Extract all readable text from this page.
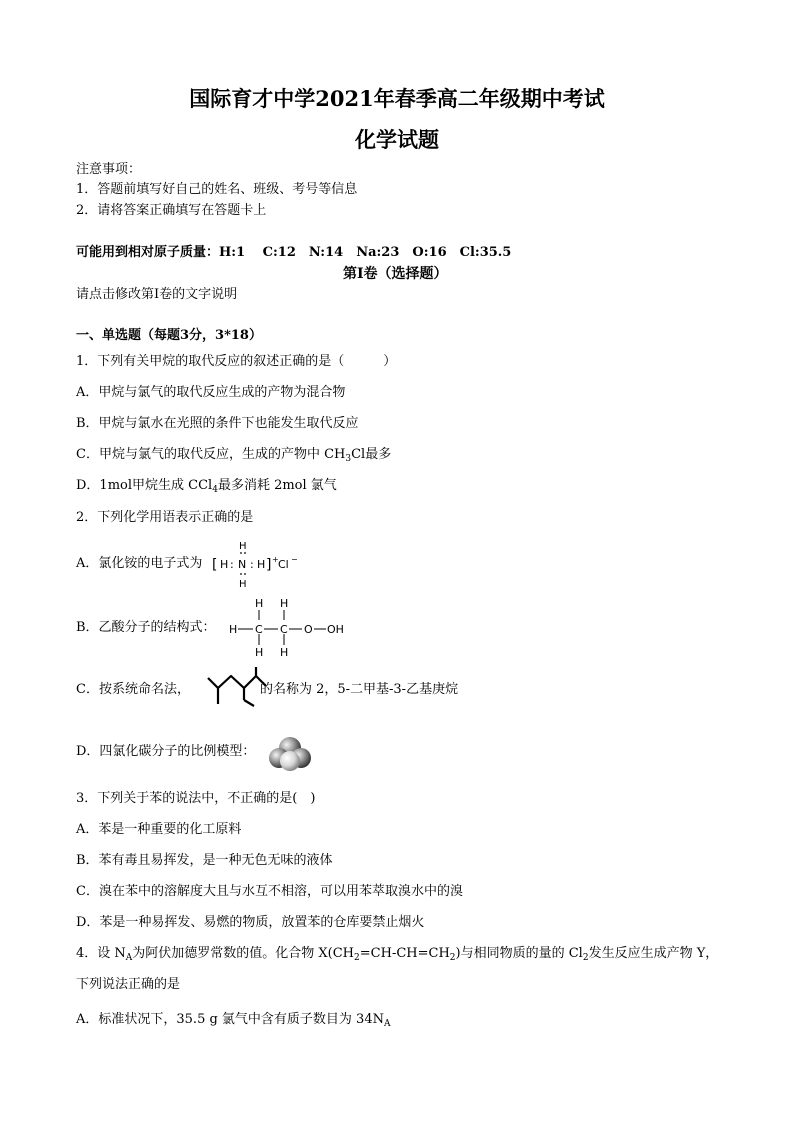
国际育才中学2021年春季高二年级期中考试
化学试题
注意事项：
1．答题前填写好自己的姓名、班级、考号等信息
2．请将答案正确填写在答题卡上
可能用到相对原子质量：H:1　 C:12　N:14　Na:23　O:16　Cl:35.5
第I卷（选择题）
请点击修改第I卷的文字说明
一、单选题（每题3分，3*18）
1．下列有关甲烷的取代反应的叙述正确的是（　　　）
A．甲烷与氯气的取代反应生成的产物为混合物
B．甲烷与氯水在光照的条件下也能发生取代反应
C．甲烷与氯气的取代反应，生成的产物中 $CH_3Cl$最多
D．1mol甲烷生成 CCl$_4$最多消耗 2mol 氯气
2．下列化学用语表示正确的是
A．氯化铵的电子式为 [ H : N : H ] + Cl −
H
H
B．乙酸分子的结构式： H C C O OH
H H
H H
C．按系统命名法，	的名称为 2，5-二甲基-3-乙基庚烷
D．四氯化碳分子的比例模型：
3．下列关于苯的说法中，不正确的是(　)
A．苯是一种重要的化工原料
B．苯有毒且易挥发，是一种无色无味的液体
C．溴在苯中的溶解度大且与水互不相溶，可以用苯萃取溴水中的溴
D．苯是一种易挥发、易燃的物质，放置苯的仓库要禁止烟火
4．设 $N_A$为阿伏加德罗常数的值。化合物 $X(CH_2=CH-CH=CH_2)$与相同物质的量的 $Cl_2$发生反应生成产物 Y，
下列说法正确的是
A．标准状况下，35.5 g 氯气中含有质子数目为 $34N_A$
